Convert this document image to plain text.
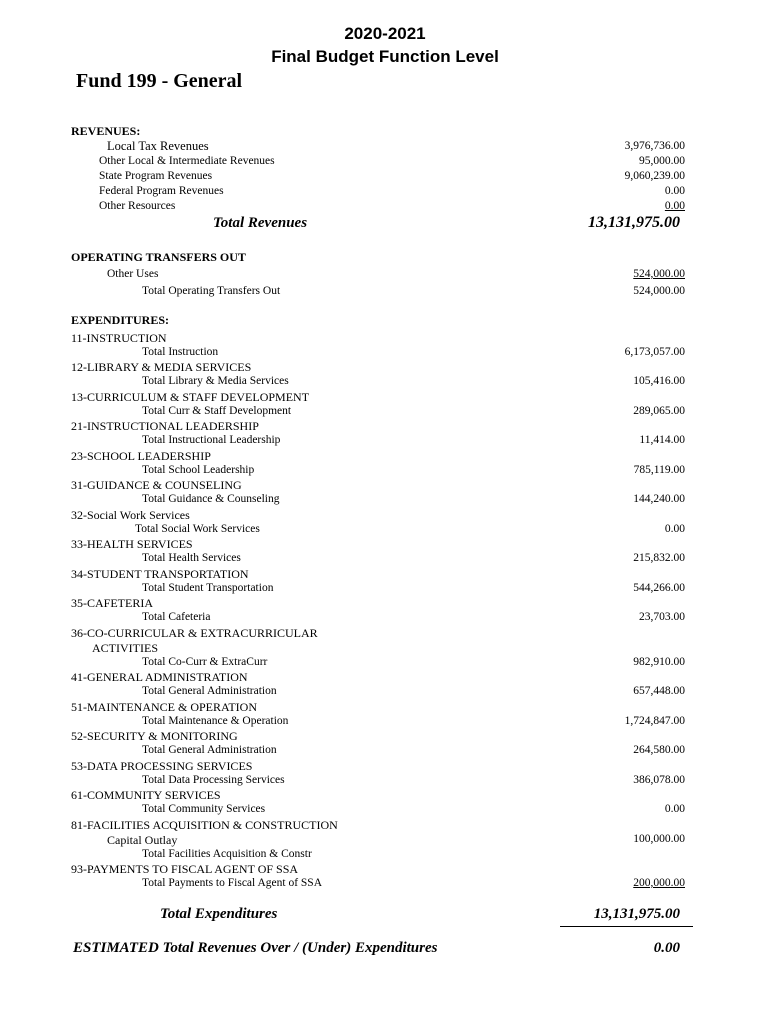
2020-2021
Final Budget Function Level
Fund 199 - General
REVENUES:
Local Tax Revenues	3,976,736.00
Other Local & Intermediate Revenues	95,000.00
State Program Revenues	9,060,239.00
Federal Program Revenues	0.00
Other Resources	0.00
Total Revenues	13,131,975.00
OPERATING TRANSFERS OUT
Other Uses	524,000.00
Total Operating Transfers Out	524,000.00
EXPENDITURES:
11-INSTRUCTION
Total Instruction	6,173,057.00
12-LIBRARY & MEDIA SERVICES
Total Library & Media Services	105,416.00
13-CURRICULUM & STAFF DEVELOPMENT
Total Curr & Staff Development	289,065.00
21-INSTRUCTIONAL LEADERSHIP
Total Instructional Leadership	11,414.00
23-SCHOOL LEADERSHIP
Total School Leadership	785,119.00
31-GUIDANCE & COUNSELING
Total Guidance & Counseling	144,240.00
32-Social Work Services
Total Social Work Services	0.00
33-HEALTH SERVICES
Total Health Services	215,832.00
34-STUDENT TRANSPORTATION
Total Student Transportation	544,266.00
35-CAFETERIA
Total Cafeteria	23,703.00
36-CO-CURRICULAR & EXTRACURRICULAR
ACTIVITIES
Total Co-Curr & ExtraCurr	982,910.00
41-GENERAL ADMINISTRATION
Total General Administration	657,448.00
51-MAINTENANCE & OPERATION
Total Maintenance & Operation	1,724,847.00
52-SECURITY & MONITORING
Total General Administration	264,580.00
53-DATA PROCESSING SERVICES
Total Data Processing Services	386,078.00
61-COMMUNITY SERVICES
Total Community Services	0.00
81-FACILITIES ACQUISITION & CONSTRUCTION
Capital Outlay	100,000.00
Total Facilities Acquisition & Constr
93-PAYMENTS TO FISCAL AGENT OF SSA
Total Payments to Fiscal Agent of SSA	200,000.00
Total Expenditures	13,131,975.00
ESTIMATED Total Revenues Over / (Under) Expenditures	0.00
